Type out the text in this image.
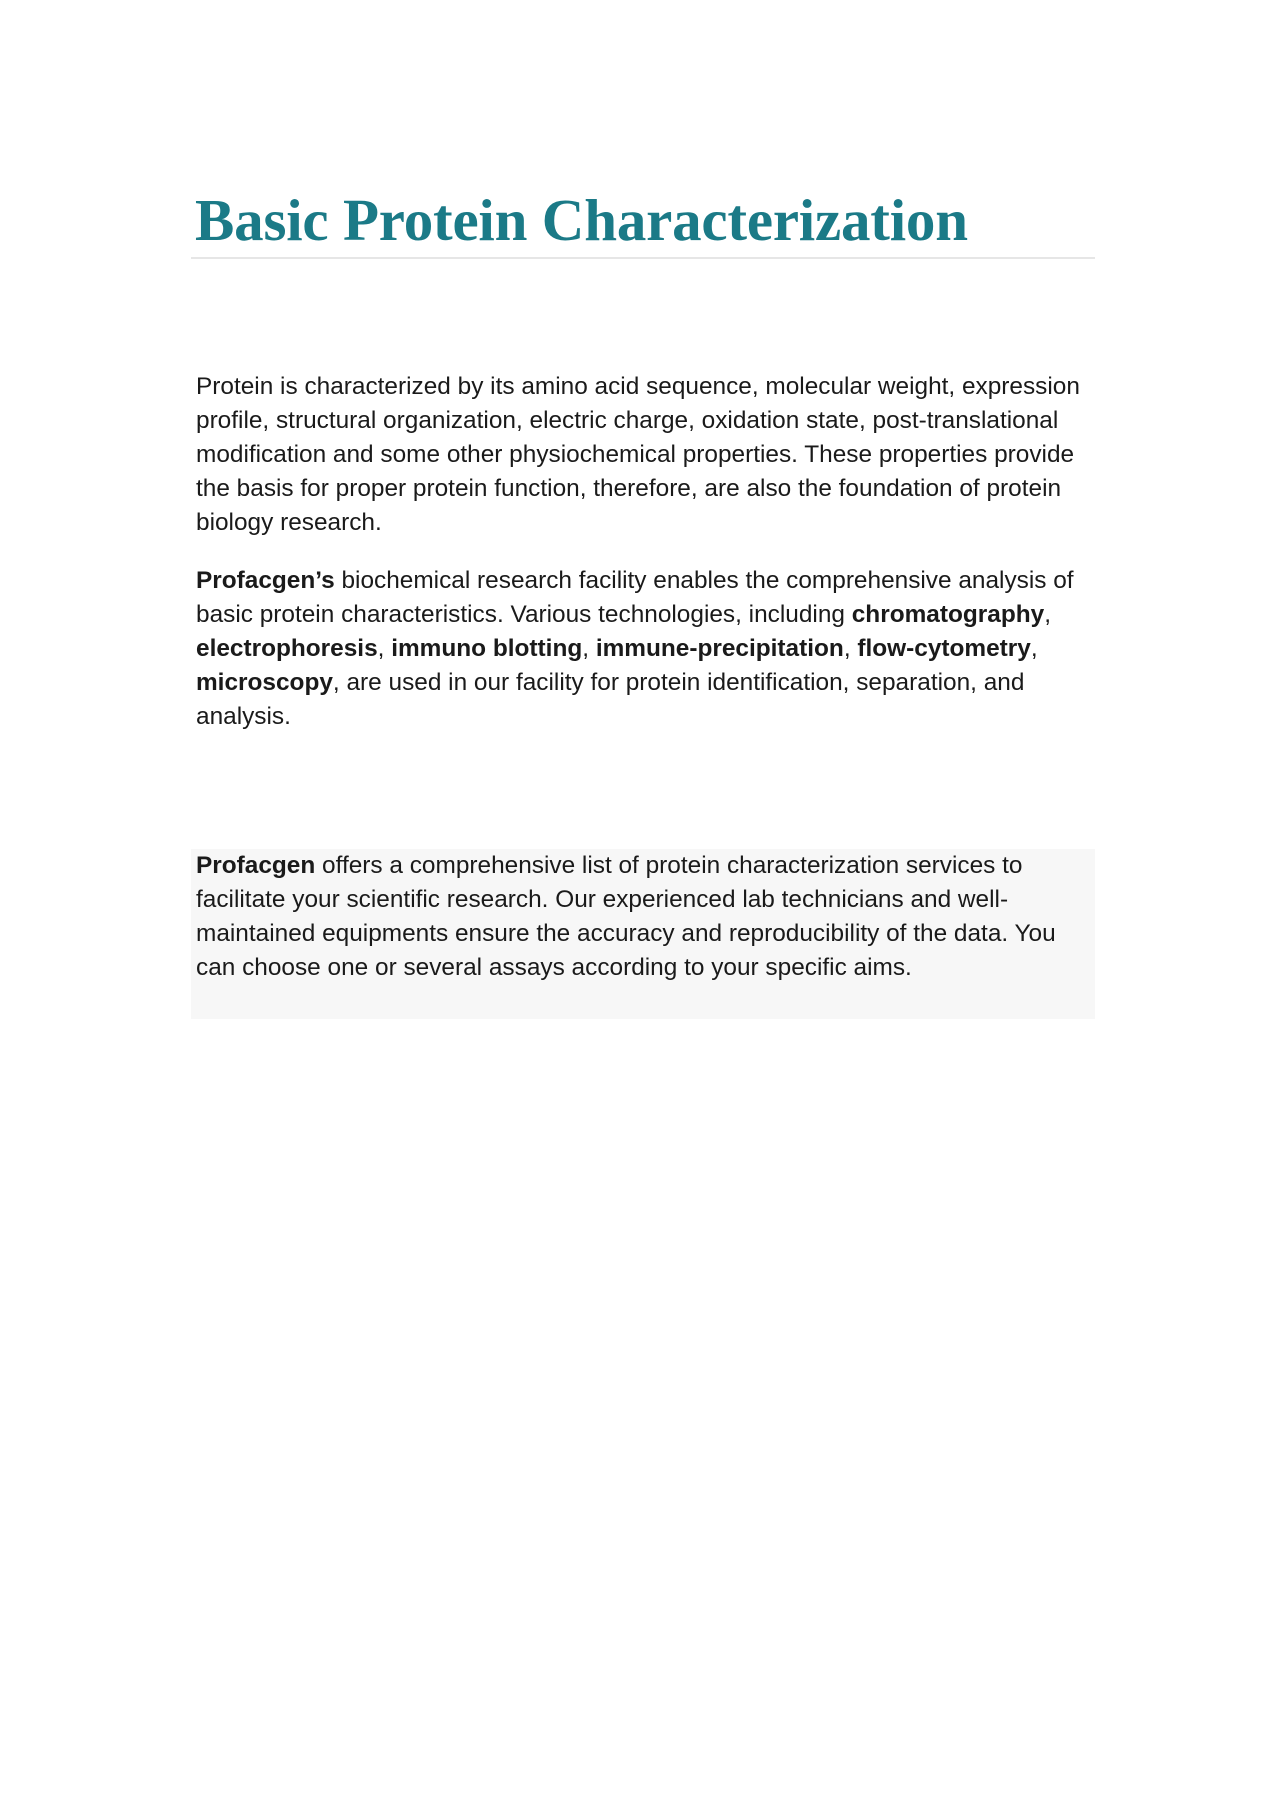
Basic Protein Characterization

Protein is characterized by its amino acid sequence, molecular weight, expression profile, structural organization, electric charge, oxidation state, post-translational modification and some other physiochemical properties. These properties provide the basis for proper protein function, therefore, are also the foundation of protein biology research.

Profacgen’s biochemical research facility enables the comprehensive analysis of basic protein characteristics. Various technologies, including chromatography, electrophoresis, immuno blotting, immune-precipitation, flow-cytometry, microscopy, are used in our facility for protein identification, separation, and analysis.

Profacgen offers a comprehensive list of protein characterization services to facilitate your scientific research. Our experienced lab technicians and well-maintained equipments ensure the accuracy and reproducibility of the data. You can choose one or several assays according to your specific aims.
